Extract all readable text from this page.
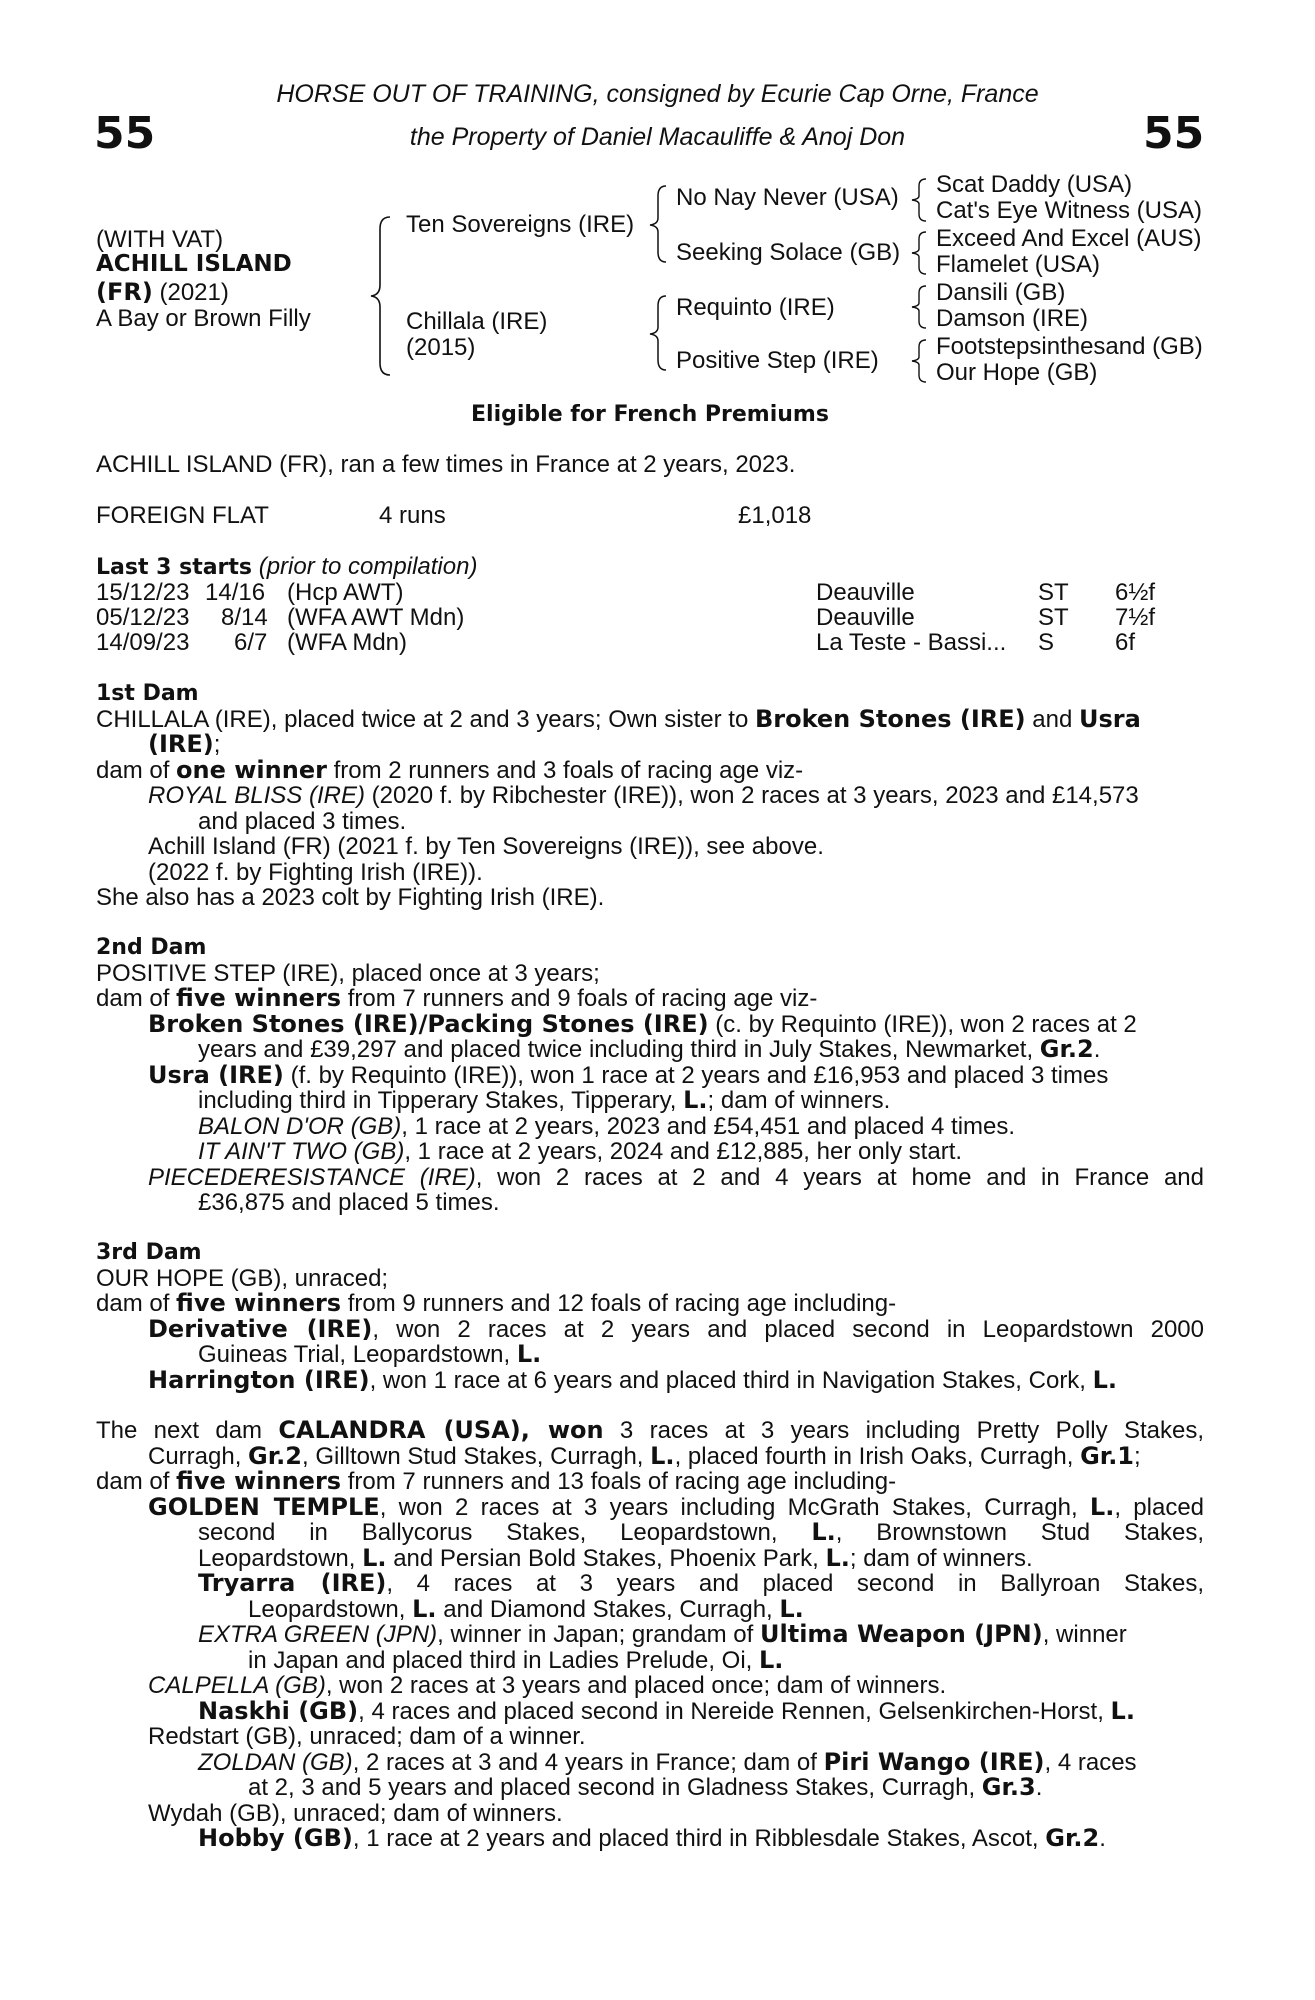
HORSE OUT OF TRAINING, consigned by Ecurie Cap Orne, France
the Property of Daniel Macauliffe & Anoj Don
55	55
(WITH VAT)
ACHILL ISLAND
(FR) (2021)
A Bay or Brown Filly
Ten Sovereigns (IRE)
Chillala (IRE)
(2015)
No Nay Never (USA)
Seeking Solace (GB)
Requinto (IRE)
Positive Step (IRE)
Scat Daddy (USA)
Cat's Eye Witness (USA)
Exceed And Excel (AUS)
Flamelet (USA)
Dansili (GB)
Damson (IRE)
Footstepsinthesand (GB)
Our Hope (GB)
Eligible for French Premiums
ACHILL ISLAND (FR), ran a few times in France at 2 years, 2023.
FOREIGN FLAT	4 runs	£1,018
Last 3 starts (prior to compilation)
15/12/23 14/16 (Hcp AWT)	Deauville	ST 6½f
05/12/23 8/14 (WFA AWT Mdn)	Deauville	ST 7½f
14/09/23 6/7 (WFA Mdn)	La Teste - Bassi... S	6f
1st Dam
CHILLALA (IRE), placed twice at 2 and 3 years; Own sister to Broken Stones (IRE) and Usra
(IRE);
dam of one winner from 2 runners and 3 foals of racing age viz-
ROYAL BLISS (IRE) (2020 f. by Ribchester (IRE)), won 2 races at 3 years, 2023 and £14,573
and placed 3 times.
Achill Island (FR) (2021 f. by Ten Sovereigns (IRE)), see above.
(2022 f. by Fighting Irish (IRE)).
She also has a 2023 colt by Fighting Irish (IRE).
2nd Dam
POSITIVE STEP (IRE), placed once at 3 years;
dam of five winners from 7 runners and 9 foals of racing age viz-
Broken Stones (IRE)/Packing Stones (IRE) (c. by Requinto (IRE)), won 2 races at 2
years and £39,297 and placed twice including third in July Stakes, Newmarket, Gr.2.
Usra (IRE) (f. by Requinto (IRE)), won 1 race at 2 years and £16,953 and placed 3 times
including third in Tipperary Stakes, Tipperary, L.; dam of winners.
BALON D'OR (GB), 1 race at 2 years, 2023 and £54,451 and placed 4 times.
IT AIN'T TWO (GB), 1 race at 2 years, 2024 and £12,885, her only start.
PIECEDERESISTANCE (IRE), won 2 races at 2 and 4 years at home and in France and
£36,875 and placed 5 times.
3rd Dam
OUR HOPE (GB), unraced;
dam of five winners from 9 runners and 12 foals of racing age including-
Derivative (IRE), won 2 races at 2 years and placed second in Leopardstown 2000
Guineas Trial, Leopardstown, L.
Harrington (IRE), won 1 race at 6 years and placed third in Navigation Stakes, Cork, L.
The next dam CALANDRA (USA), won 3 races at 3 years including Pretty Polly Stakes,
Curragh, Gr.2, Gilltown Stud Stakes, Curragh, L., placed fourth in Irish Oaks, Curragh, Gr.1;
dam of five winners from 7 runners and 13 foals of racing age including-
GOLDEN TEMPLE, won 2 races at 3 years including McGrath Stakes, Curragh, L., placed
second in Ballycorus Stakes, Leopardstown, L., Brownstown Stud Stakes,
Leopardstown, L. and Persian Bold Stakes, Phoenix Park, L.; dam of winners.
Tryarra (IRE), 4 races at 3 years and placed second in Ballyroan Stakes,
Leopardstown, L. and Diamond Stakes, Curragh, L.
EXTRA GREEN (JPN), winner in Japan; grandam of Ultima Weapon (JPN), winner
in Japan and placed third in Ladies Prelude, Oi, L.
CALPELLA (GB), won 2 races at 3 years and placed once; dam of winners.
Naskhi (GB), 4 races and placed second in Nereide Rennen, Gelsenkirchen-Horst, L.
Redstart (GB), unraced; dam of a winner.
ZOLDAN (GB), 2 races at 3 and 4 years in France; dam of Piri Wango (IRE), 4 races
at 2, 3 and 5 years and placed second in Gladness Stakes, Curragh, Gr.3.
Wydah (GB), unraced; dam of winners.
Hobby (GB), 1 race at 2 years and placed third in Ribblesdale Stakes, Ascot, Gr.2.
